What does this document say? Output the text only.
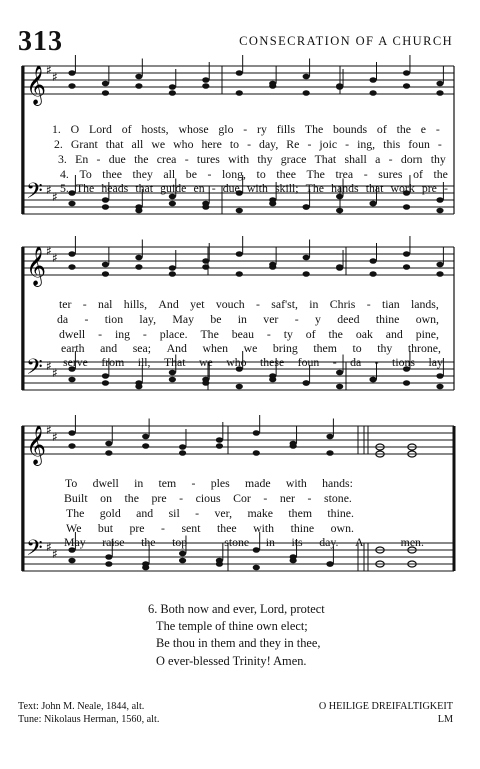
313	CONSECRATION OF A CHURCH
𝄞 ♯ ♯
𝄢 ♯ ♯
𝄞 ♯ ♯
𝄢 ♯ ♯
𝄞 ♯ ♯
𝄢 ♯ ♯
1. O Lord of hosts, whose glo - ry fills The bounds of the e -
2. Grant that all we who here to - day, Re - joic - ing, this foun -
3. En - due the crea - tures with thy grace That shall a - dorn thy
4. To thee they all be - long, to thee The trea - sures of the
5. The heads that guide en - due with skill; The hands that work pre -
ter - nal hills, And yet vouch - saf'st, in Chris - tian lands,
da - tion lay, May be in ver - y deed thine own,
dwell - ing - place. The beau - ty of the oak and pine,
earth and sea; And when we bring them to thy throne,
serve from ill, That we who these foun - da - tions lay
To dwell in tem - ples made with hands:
Built on the pre - cious Cor - ner - stone.
The gold and sil - ver, make them thine.
We but pre - sent thee with thine own.
May raise the top - stone in its day. A - men.
6. Both now and ever, Lord, protect
The temple of thine own elect;
Be thou in them and they in thee,
O ever-blessed Trinity! Amen.
Text: John M. Neale, 1844, alt.
Tune: Nikolaus Herman, 1560, alt.
O HEILIGE DREIFALTIGKEIT
LM
